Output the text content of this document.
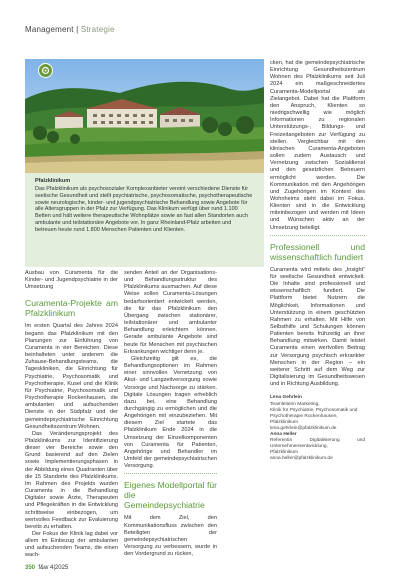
Management | Strategie
Pfalzklinikum
Das Pfalzklinikum als psychosozialer Komplexanbieter vereint verschiedene Dienste für seelische Gesundheit und stellt psychiatrische, psychosomatische, psychotherapeutische sowie neurologische, kinder- und jugendpsychiatrische Behandlung sowie Angebote für alle Altersgruppen in der Pfalz zur Verfügung. Das Klinikum verfügt über rund 1.100 Betten und hält weitere therapeutische Wohnplätze sowie an fast allen Standorten auch ambulante und teilstationäre Angebote vor. In ganz Rheinland-Pfalz arbeiten und betreuen heute rund 1.800 Menschen Patienten und Klienten.

Ausbau von Curamenta für die Kinder- und Jugendpsychiatrie in der Umsetzung

Curamenta-Projekte am Pfalzklinikum

Im ersten Quartal des Jahres 2024 begann das Pfalzklinikum mit den Planungen zur Einführung von Curamenta in vier Bereichen. Diese beinhalteten unter anderem die Zuhause-Behandlungsteams, die Tageskliniken, die Einrichtung für Psychiatrie, Psychosomatik und Psychotherapie, Kusel und die Klinik für Psychiatrie, Psychosomatik und Psychotherapie Rockenhausen, die ambulanten und aufsuchenden Dienste in der Südpfalz und der gemeindepsychiatrische Einrichtung Gesundheitszentrum Wohnen.

Das Veränderungsprojekt des Pfalzklinikums zur Identifizierung dieser vier Bereiche sowie den Grund basierend auf den Zielen sowie Implementierungsphasen in der Abbildung eines Quadranten über die 15 Standorte des Pfalzklinikums. Im Rahmen des Projekts wurden Curamenta in die Behandlung Digitaler sowie Ärzte, Therapeuten und Pflegekräften in die Entwicklung schrittweise einbezogen, um wertvolles Feedback zur Evaluierung bereits zu erhalten.

Der Fokus der Klinik lag dabei vor allem im Einbezug der ambulanten und aufsuchenden Teams, die einen wach-

senden Anteil an der Organisations- und Behandlungsstruktur des Pfalzklinikums ausmachen. Auf diese Weise sollen Curamenta-Lösungen bedarfsorientiert entwickelt werden, die für das Pfalzklinikum den Übergang zwischen stationärer, teilstationärer und ambulanter Behandlung erleichtern können. Gerade ambulante Angebote sind heute für Menschen mit psychischen Erkrankungen wichtiger denn je.

Gleichzeitig gilt es, die Behandlungsoptionen im Rahmen einer sinnvollen Vernetzung von Akut- und Langzeitversorgung sowie Vorsorge und Nachsorge zu stärken. Digitale Lösungen tragen erheblich dazu bei, eine Behandlung durchgängig zu ermöglichen und die Angehörigen mit einzubeziehen. Mit diesem Ziel startete das Pfalzklinikum Ende 2024 in die Umsetzung der Einzelkomponenten von Curamenta für Patienten, Angehörige und Behandler im Umfeld der gemeindepsychiatrischen Versorgung.

Eigenes Modellportal für die Gemeindepsychiatrie

Mit dem Ziel, den Kommunikationsfluss zwischen den Beteiligten der gemeindepsychiatrischen Versorgung zu verbessern, wurde in den Vordergrund zu rücken,

cken, hat die gemeindepsychiatrische Einrichtung Gesundheitszentrum Wohnen des Pfalzklinikums seit Juli 2024 ein maßgeschneidertes Curamenta-Modellportal als Zielangebot. Dabei hat die Plattform den Anspruch, Klienten so niedrigschwellig wie möglich Informationen zu regionalen Unterstützungs-, Bildungs- und Freizeitangeboten zur Verfügung zu stellen. Vergleichbar mit den klinischen Curamenta-Angeboten sollen zudem Austausch und Vernetzung zwischen Sozialdienst und den gesetzlichen Betreuern ermöglicht werden. Die Kommunikation mit den Angehörigen und Zugehörigen im Kontext des Wohnheims steht dabei im Fokus. Klienten sind in die Entwicklung miteinbezogen und werden mit Ideen und Wünschen aktiv an der Umsetzung beteiligt.

Professionell und wissenschaftlich fundiert

Curamenta wird mittels des „Insight“ für seelische Gesundheit entwickelt. Die Inhalte sind professionell und wissenschaftlich fundiert. Die Plattform bietet Nutzern die Möglichkeit, Informationen und Unterstützung in einem geschützten Rahmen zu erhalten. Mit Hilfe von Selbsthilfe und Schulungen können Patienten bereits frühzeitig an ihrer Behandlung mitwirken. Damit leistet Curamenta einen wertvollen Beitrag zur Versorgung psychisch erkrankter Menschen in der Region – ein weiterer Schritt auf dem Weg zur Digitalisierung im Gesundheitswesen und in Richtung Ausbildung.

Lena Gehrlein
Teamleiterin Marketing,
Klinik für Psychiatrie, Psychosomatik und
Psychotherapie Rockenhausen,
Pfalzklinikum
lena.gehrlein@pfalzklinikum.de
Anna Heller
Referentin Digitalisierung und Unternehmensentwicklung,
Pfalzklinikum
anna.heller@pfalzklinikum.de
350 f&w 4|2025
